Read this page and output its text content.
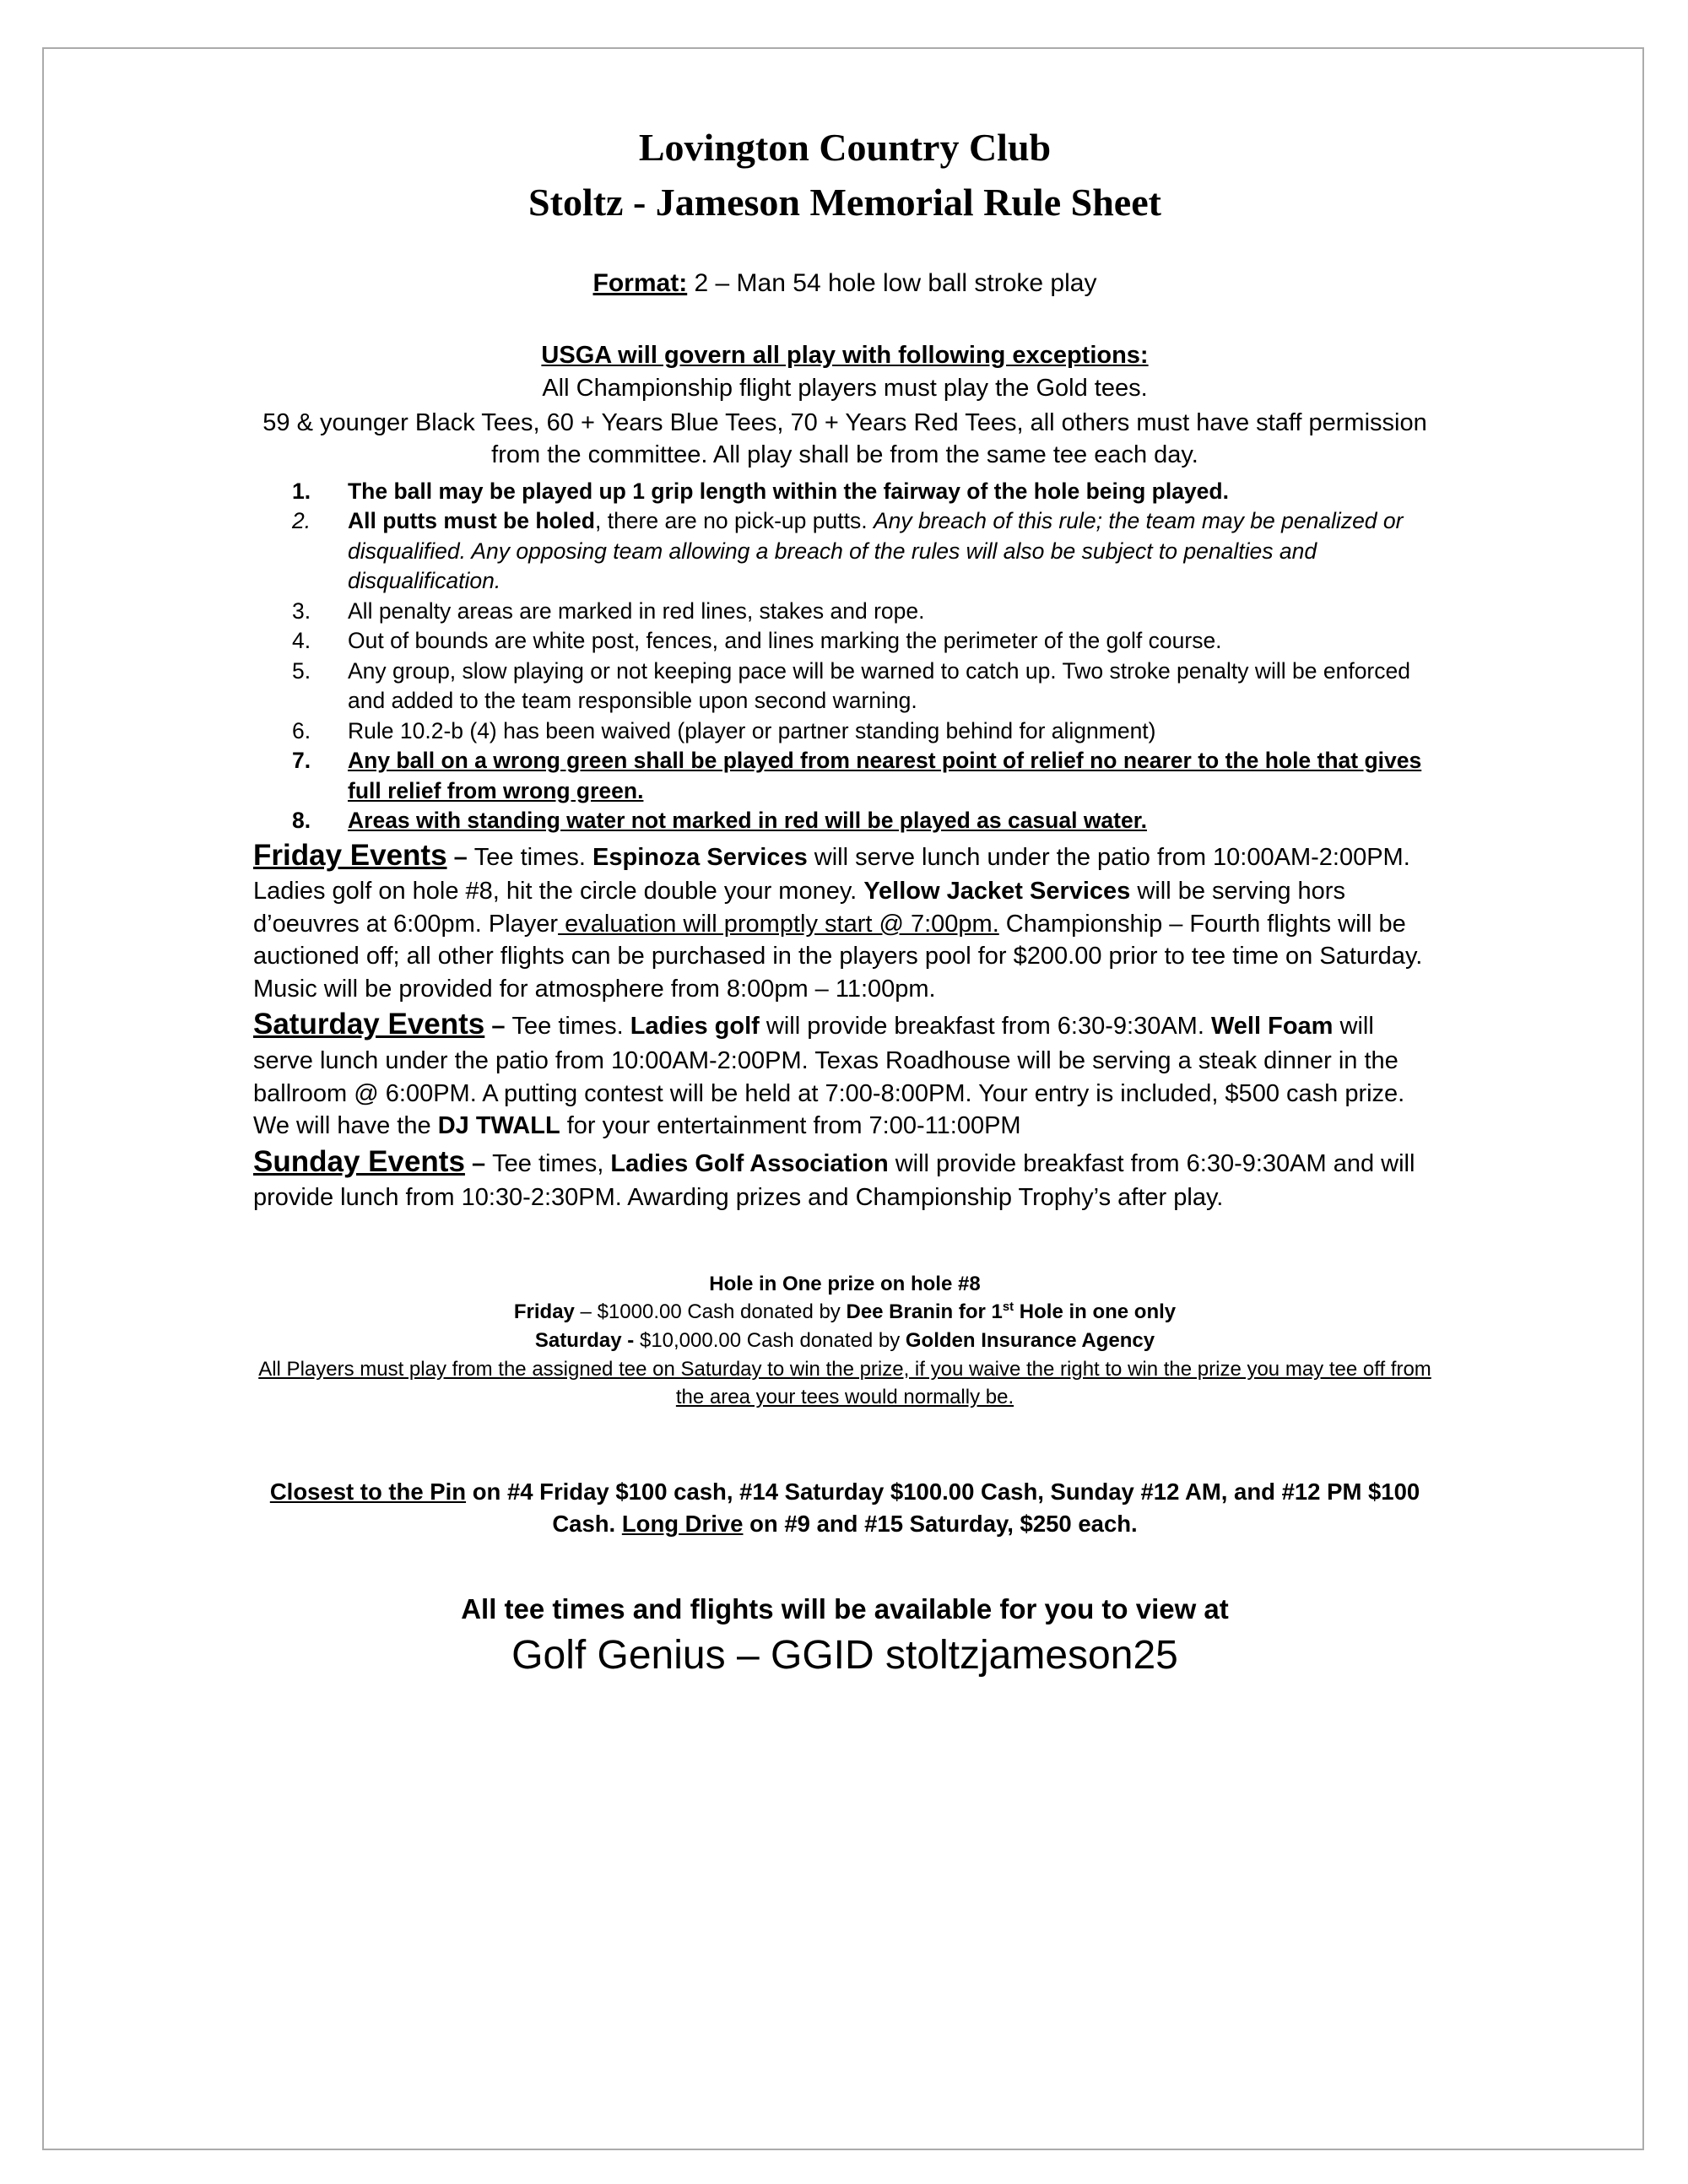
Lovington Country Club
Stoltz - Jameson Memorial Rule Sheet

Format: 2 – Man 54 hole low ball stroke play

USGA will govern all play with following exceptions:

All Championship flight players must play the Gold tees.

59 & younger Black Tees, 60 + Years Blue Tees, 70 + Years Red Tees, all others must have staff permission from the committee. All play shall be from the same tee each day.

1.	The ball may be played up 1 grip length within the fairway of the hole being played.
2.	All putts must be holed, there are no pick-up putts. Any breach of this rule; the team may be penalized or disqualified. Any opposing team allowing a breach of the rules will also be subject to penalties and disqualification.
3.	All penalty areas are marked in red lines, stakes and rope.
4.	Out of bounds are white post, fences, and lines marking the perimeter of the golf course.
5.	Any group, slow playing or not keeping pace will be warned to catch up. Two stroke penalty will be enforced and added to the team responsible upon second warning.
6.	Rule 10.2-b (4) has been waived (player or partner standing behind for alignment)
7.	Any ball on a wrong green shall be played from nearest point of relief no nearer to the hole that gives full relief from wrong green.
8.	Areas with standing water not marked in red will be played as casual water.

Friday Events – Tee times. Espinoza Services will serve lunch under the patio from 10:00AM-2:00PM. Ladies golf on hole #8, hit the circle double your money. Yellow Jacket Services will be serving hors d’oeuvres at 6:00pm. Player evaluation will promptly start @ 7:00pm. Championship – Fourth flights will be auctioned off; all other flights can be purchased in the players pool for $200.00 prior to tee time on Saturday. Music will be provided for atmosphere from 8:00pm – 11:00pm.

Saturday Events – Tee times. Ladies golf will provide breakfast from 6:30-9:30AM. Well Foam will serve lunch under the patio from 10:00AM-2:00PM. Texas Roadhouse will be serving a steak dinner in the ballroom @ 6:00PM. A putting contest will be held at 7:00-8:00PM. Your entry is included, $500 cash prize. We will have the DJ TWALL for your entertainment from 7:00-11:00PM

Sunday Events – Tee times, Ladies Golf Association will provide breakfast from 6:30-9:30AM and will provide lunch from 10:30-2:30PM. Awarding prizes and Championship Trophy’s after play.

Hole in One prize on hole #8

Friday – $1000.00 Cash donated by Dee Branin for 1st Hole in one only

Saturday - $10,000.00 Cash donated by Golden Insurance Agency

All Players must play from the assigned tee on Saturday to win the prize, if you waive the right to win the prize you may tee off from the area your tees would normally be.

Closest to the Pin on #4 Friday $100 cash, #14 Saturday $100.00 Cash, Sunday #12 AM, and #12 PM $100 Cash. Long Drive on #9 and #15 Saturday, $250 each.

All tee times and flights will be available for you to view at

Golf Genius – GGID stoltzjameson25
